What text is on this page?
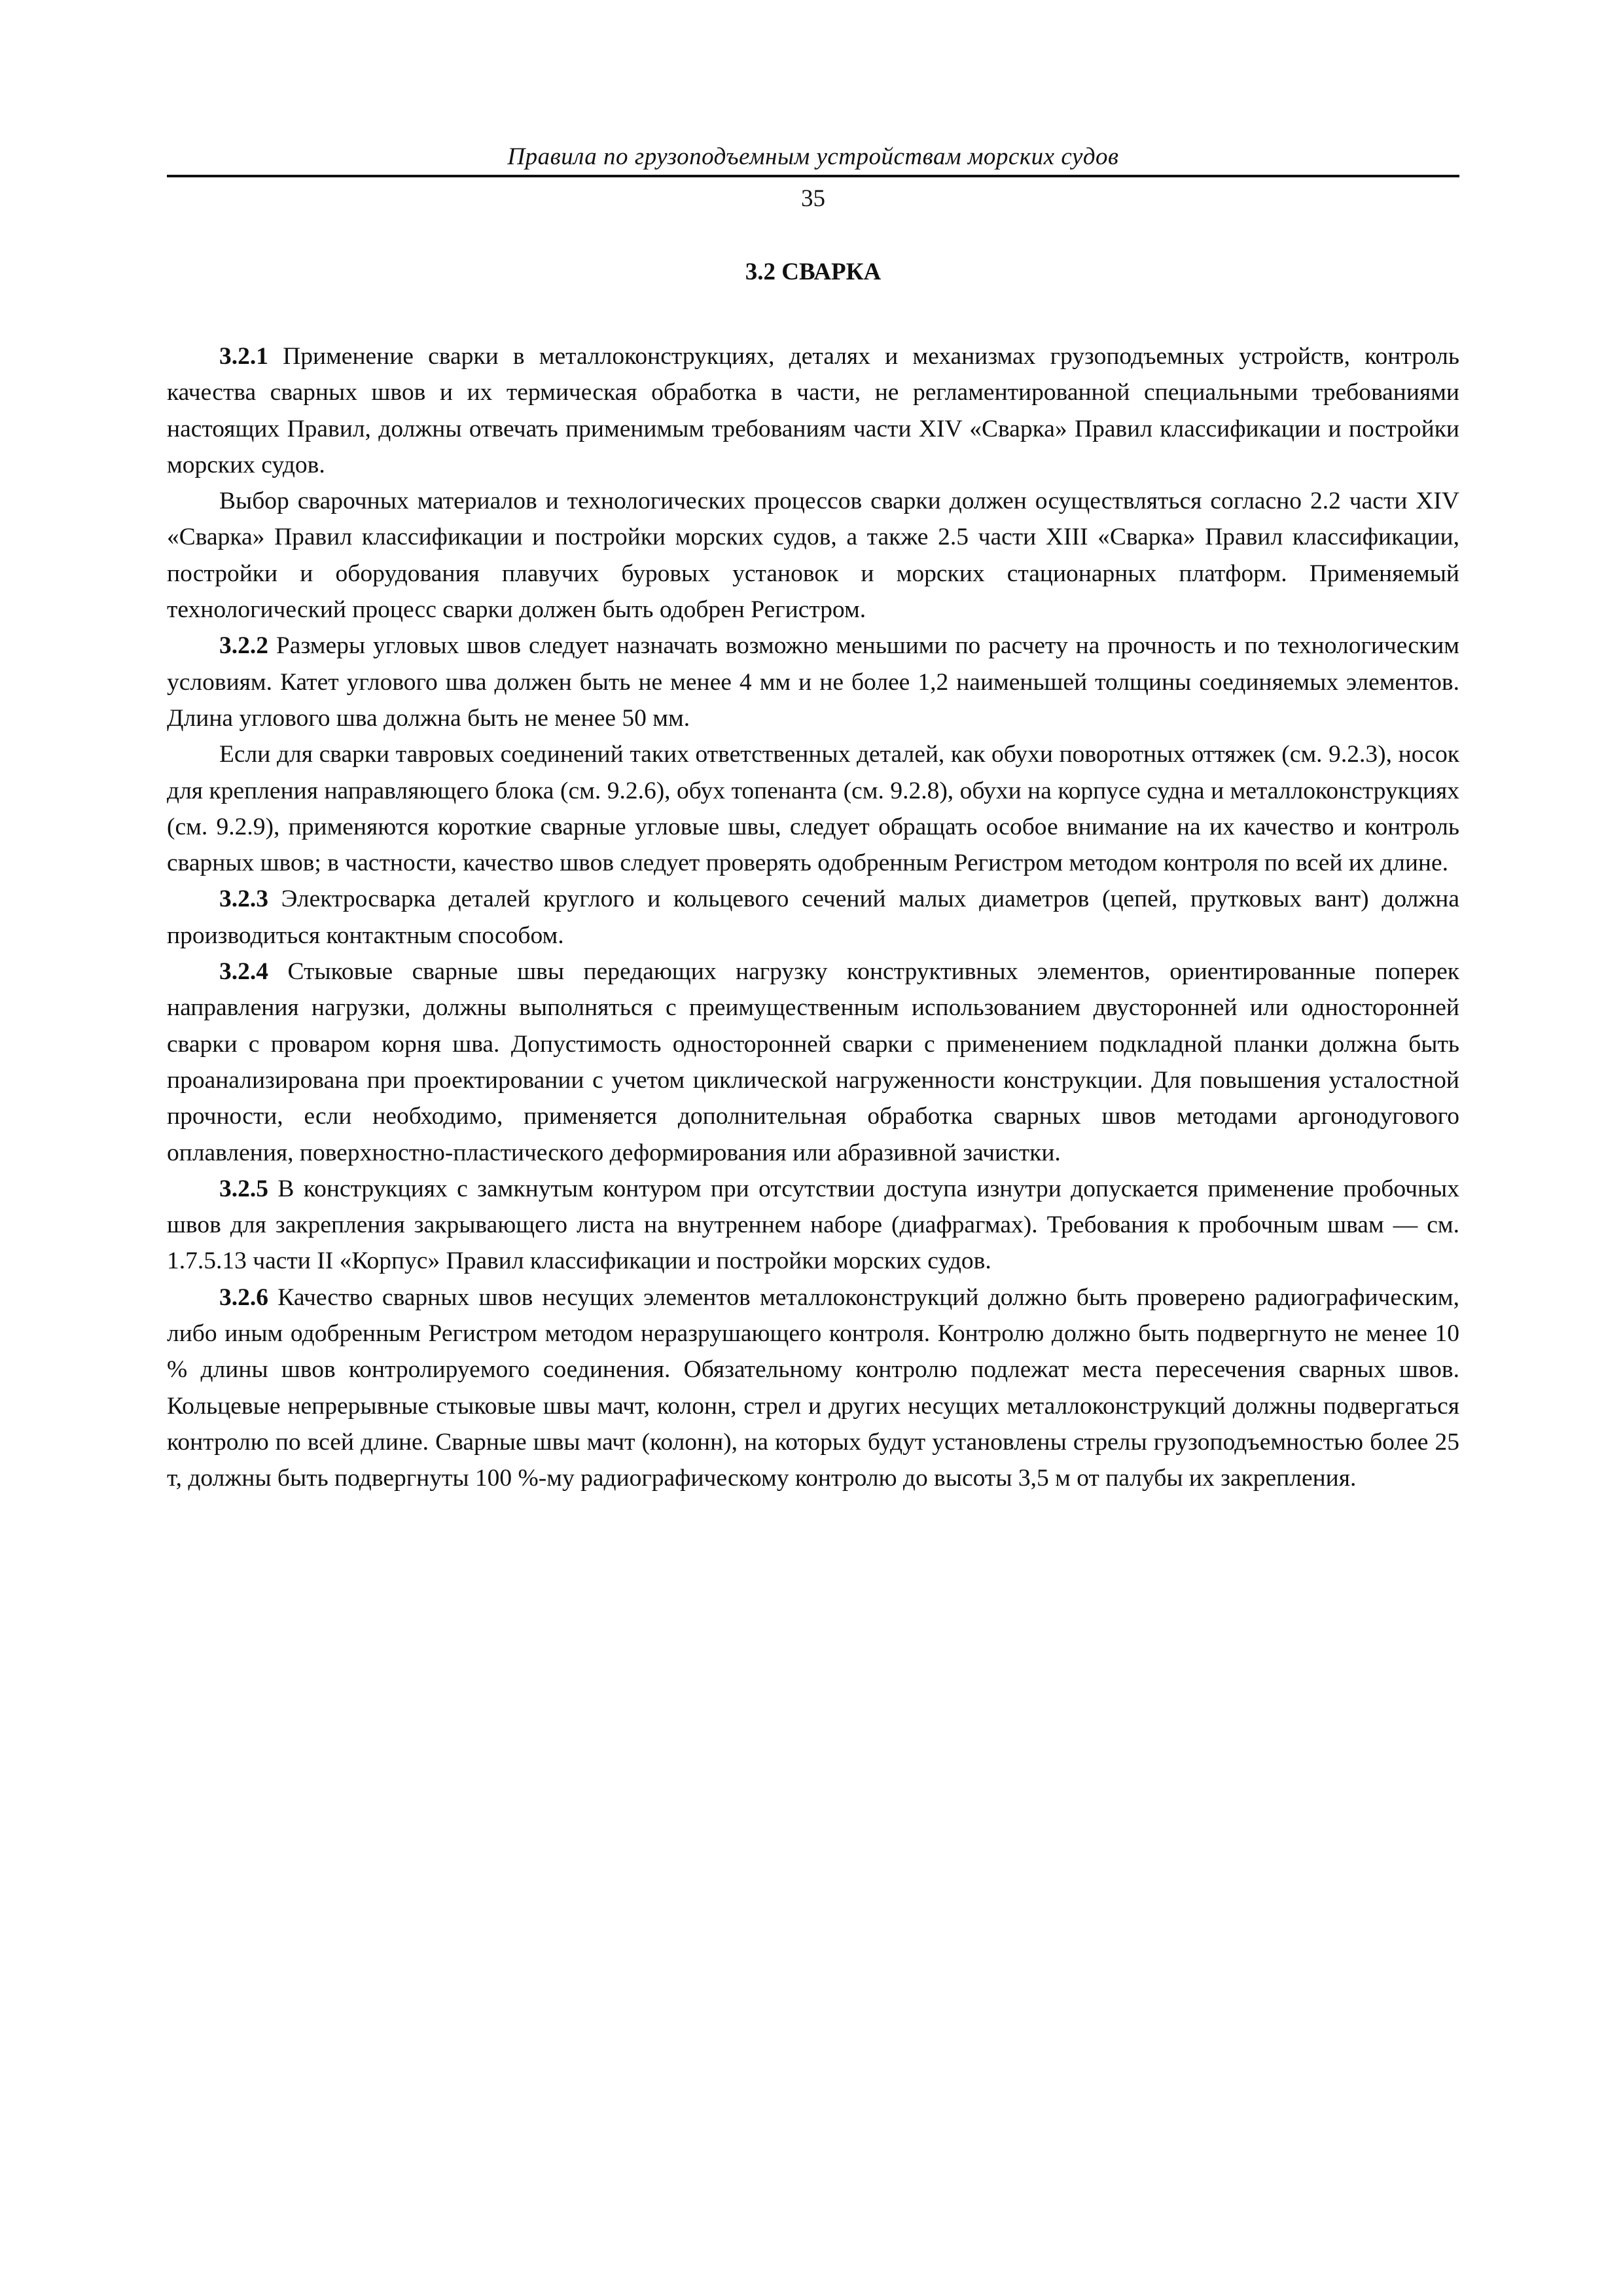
Правила по грузоподъемным устройствам морских судов
35
3.2 СВАРКА

3.2.1 Применение сварки в металлоконструкциях, деталях и механизмах грузоподъемных устройств, контроль качества сварных швов и их термическая обработка в части, не регламентированной специальными требованиями настоящих Правил, должны отвечать применимым требованиям части XIV «Сварка» Правил классификации и постройки морских судов.

Выбор сварочных материалов и технологических процессов сварки должен осуществляться согласно 2.2 части XIV «Сварка» Правил классификации и постройки морских судов, а также 2.5 части XIII «Сварка» Правил классификации, постройки и оборудования плавучих буровых установок и морских стационарных платформ. Применяемый технологический процесс сварки должен быть одобрен Регистром.

3.2.2 Размеры угловых швов следует назначать возможно меньшими по расчету на прочность и по технологическим условиям. Катет углового шва должен быть не менее 4 мм и не более 1,2 наименьшей толщины соединяемых элементов. Длина углового шва должна быть не менее 50 мм.

Если для сварки тавровых соединений таких ответственных деталей, как обухи поворотных оттяжек (см. 9.2.3), носок для крепления направляющего блока (см. 9.2.6), обух топенанта (см. 9.2.8), обухи на корпусе судна и металлоконструкциях (см. 9.2.9), применяются короткие сварные угловые швы, следует обращать особое внимание на их качество и контроль сварных швов; в частности, качество швов следует проверять одобренным Регистром методом контроля по всей их длине.

3.2.3 Электросварка деталей круглого и кольцевого сечений малых диаметров (цепей, прутковых вант) должна производиться контактным способом.

3.2.4 Стыковые сварные швы передающих нагрузку конструктивных элементов, ориентированные поперек направления нагрузки, должны выполняться с преимущественным использованием двусторонней или односторонней сварки с проваром корня шва. Допустимость односторонней сварки с применением подкладной планки должна быть проанализирована при проектировании с учетом циклической нагруженности конструкции. Для повышения усталостной прочности, если необходимо, применяется дополнительная обработка сварных швов методами аргонодугового оплавления, поверхностно-пластического деформирования или абразивной зачистки.

3.2.5 В конструкциях с замкнутым контуром при отсутствии доступа изнутри допускается применение пробочных швов для закрепления закрывающего листа на внутреннем наборе (диафрагмах). Требования к пробочным швам — см. 1.7.5.13 части II «Корпус» Правил классификации и постройки морских судов.

3.2.6 Качество сварных швов несущих элементов металлоконструкций должно быть проверено радиографическим, либо иным одобренным Регистром методом неразрушающего контроля. Контролю должно быть подвергнуто не менее 10 % длины швов контролируемого соединения. Обязательному контролю подлежат места пересечения сварных швов. Кольцевые непрерывные стыковые швы мачт, колонн, стрел и других несущих металлоконструкций должны подвергаться контролю по всей длине. Сварные швы мачт (колонн), на которых будут установлены стрелы грузоподъемностью более 25 т, должны быть подвергнуты 100 %-му радиографическому контролю до высоты 3,5 м от палубы их закрепления.
